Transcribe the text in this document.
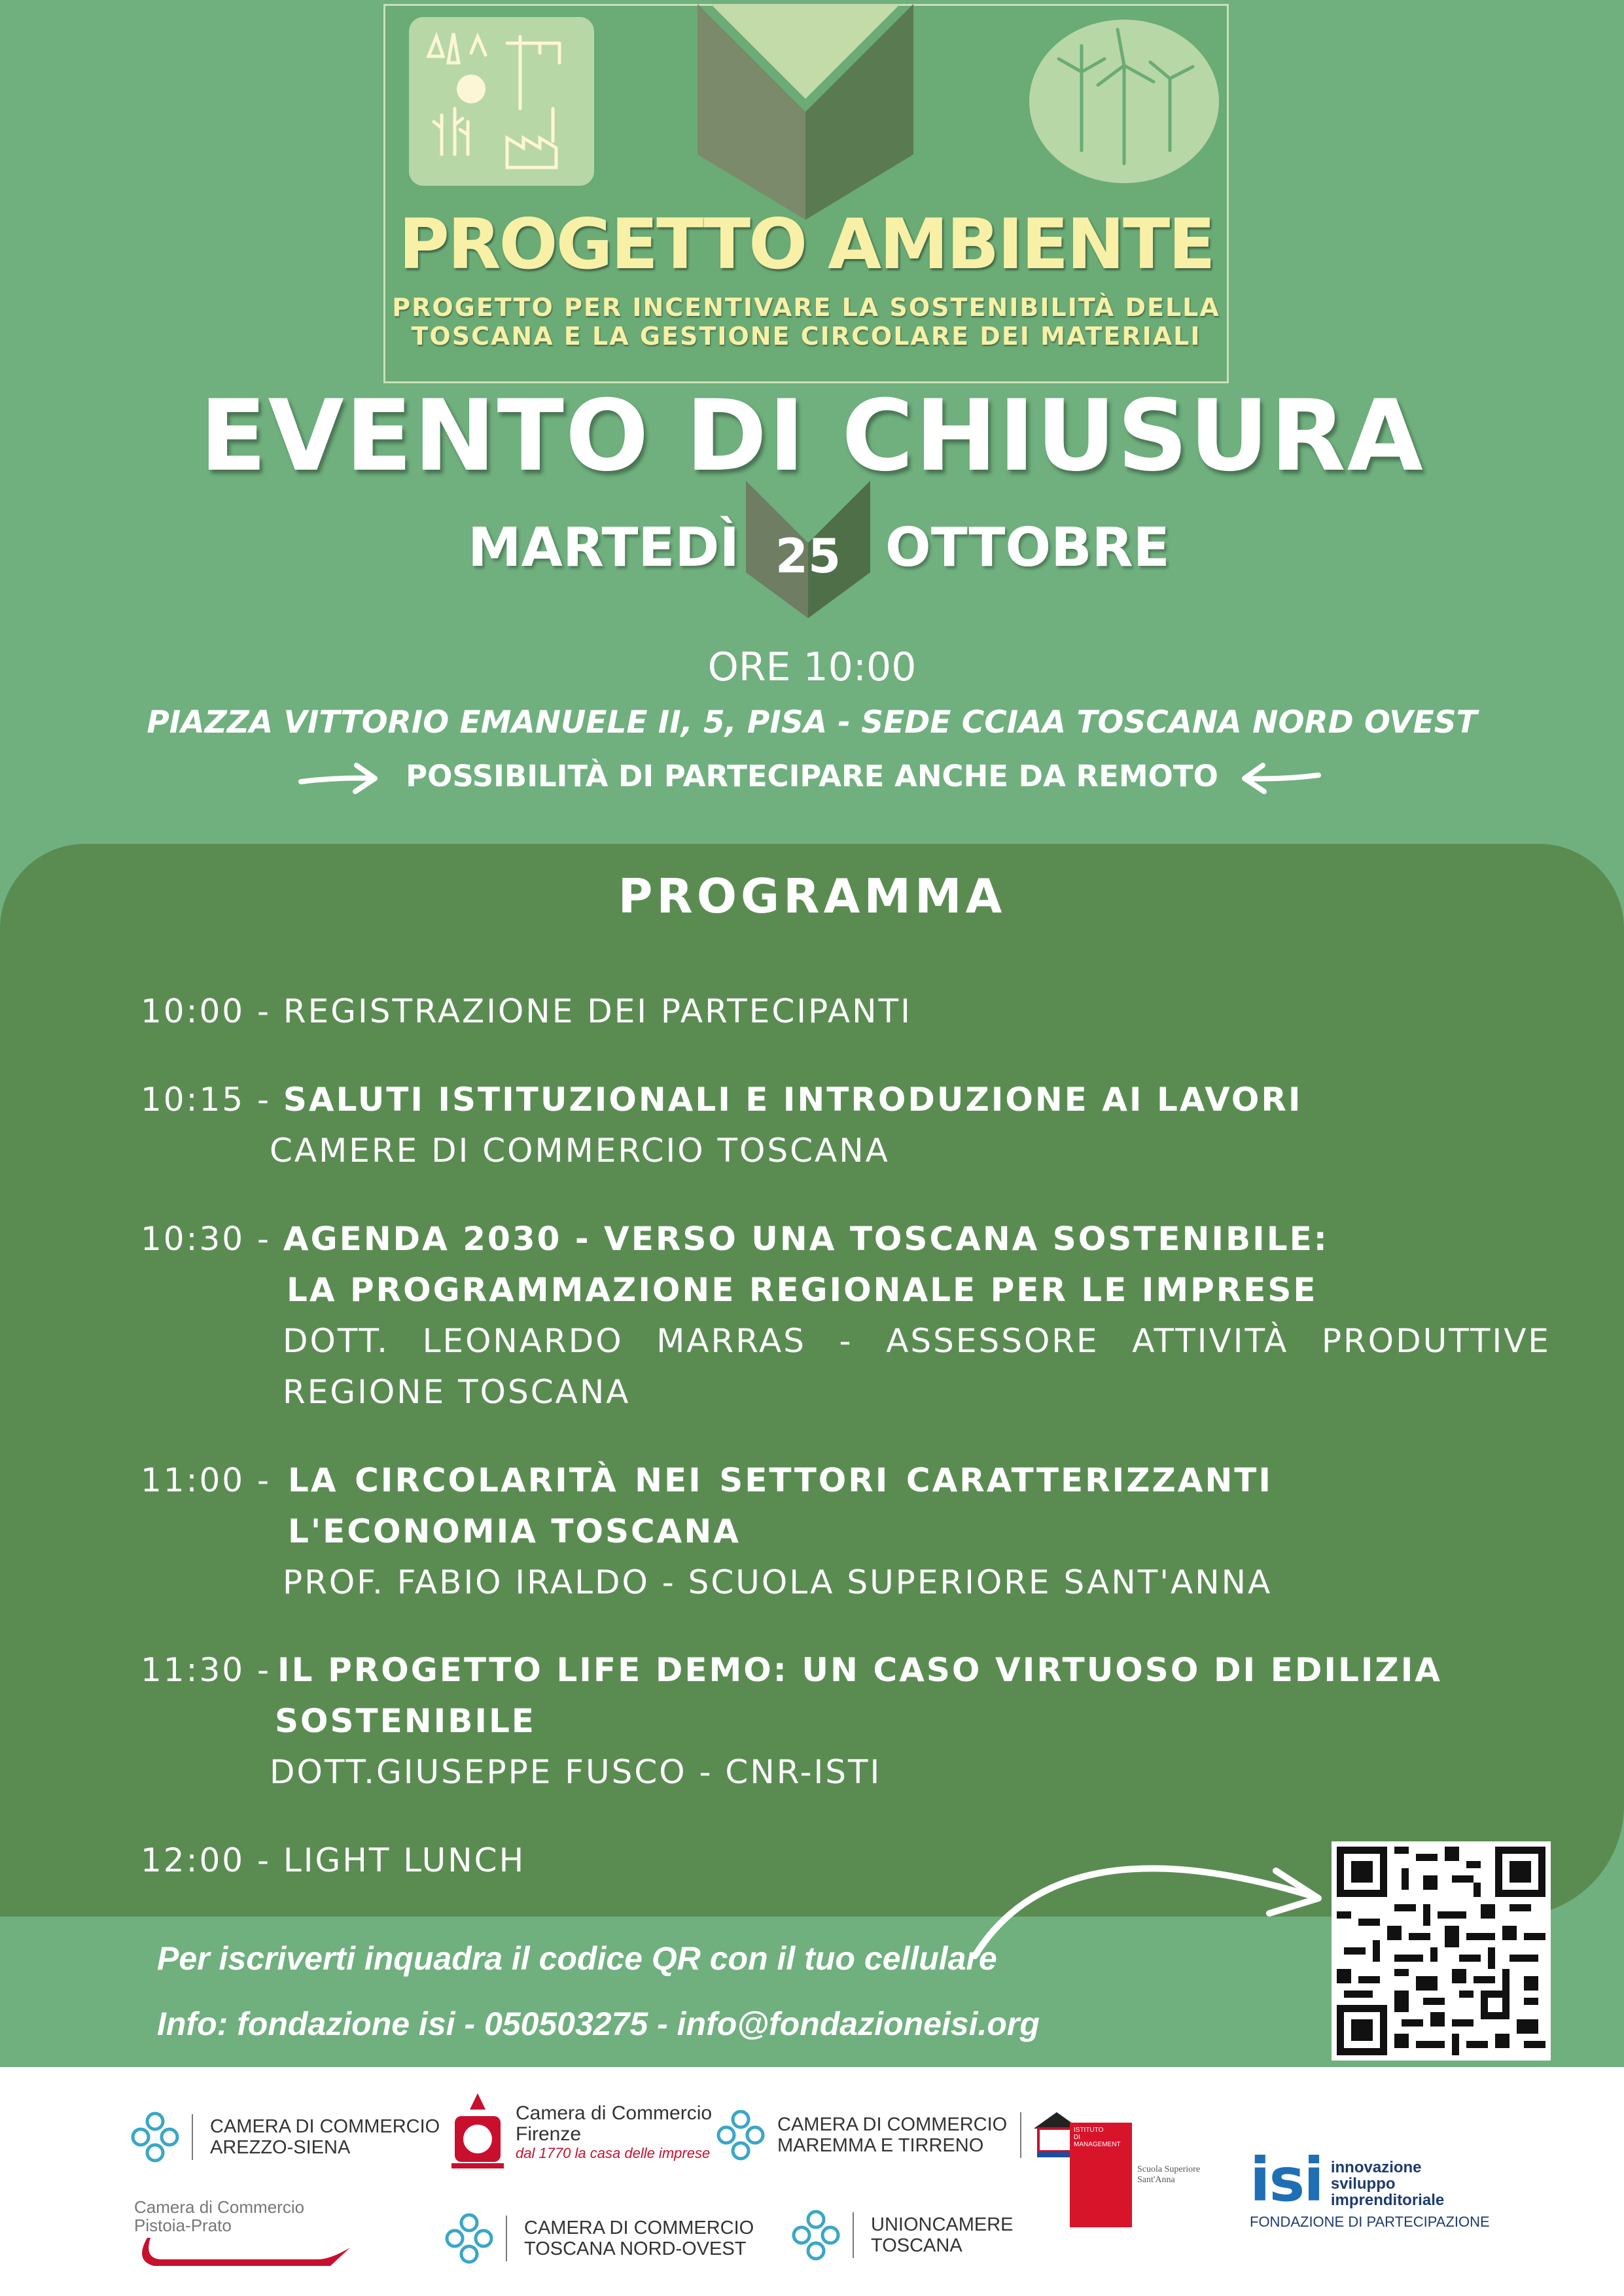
PROGETTO AMBIENTE
PROGETTO PER INCENTIVARE LA SOSTENIBILITÀ DELLA
TOSCANA E LA GESTIONE CIRCOLARE DEI MATERIALI
EVENTO DI CHIUSURA
MARTEDÌ 25 OTTOBRE
ORE 10:00
PIAZZA VITTORIO EMANUELE II, 5, PISA - SEDE CCIAA TOSCANA NORD OVEST
POSSIBILITÀ DI PARTECIPARE ANCHE DA REMOTO
PROGRAMMA
10:00 - REGISTRAZIONE DEI PARTECIPANTI
10:15 - SALUTI ISTITUZIONALI E INTRODUZIONE AI LAVORI
CAMERE DI COMMERCIO TOSCANA
10:30 - AGENDA 2030 - VERSO UNA TOSCANA SOSTENIBILE:
LA PROGRAMMAZIONE REGIONALE PER LE IMPRESE
DOTT. LEONARDO MARRAS - ASSESSORE ATTIVITÀ PRODUTTIVE
REGIONE TOSCANA
11:00 - LA CIRCOLARITÀ NEI SETTORI CARATTERIZZANTI
L'ECONOMIA TOSCANA
PROF. FABIO IRALDO - SCUOLA SUPERIORE SANT'ANNA
11:30 - IL PROGETTO LIFE DEMO: UN CASO VIRTUOSO DI EDILIZIA
SOSTENIBILE
DOTT.GIUSEPPE FUSCO - CNR-ISTI
12:00 - LIGHT LUNCH
Per iscriverti inquadra il codice QR con il tuo cellulare
Info: fondazione isi - 050503275 - info@fondazioneisi.org
CAMERA DI COMMERCIO
AREZZO-SIENA
Camera di Commercio
Firenze
dal 1770 la casa delle imprese
CAMERA DI COMMERCIO
MAREMMA E TIRRENO
Camera di Commercio
Pistoia-Prato	CAMERA DI COMMERCIO
TOSCANA NORD-OVEST
UNIONCAMERE
TOSCANA
ISTITUTO
DI MANAGEMENT
Scuola Superiore
Sant'Anna	isi innovazione
sviluppo
imprenditoriale
FONDAZIONE DI PARTECIPAZIONE
